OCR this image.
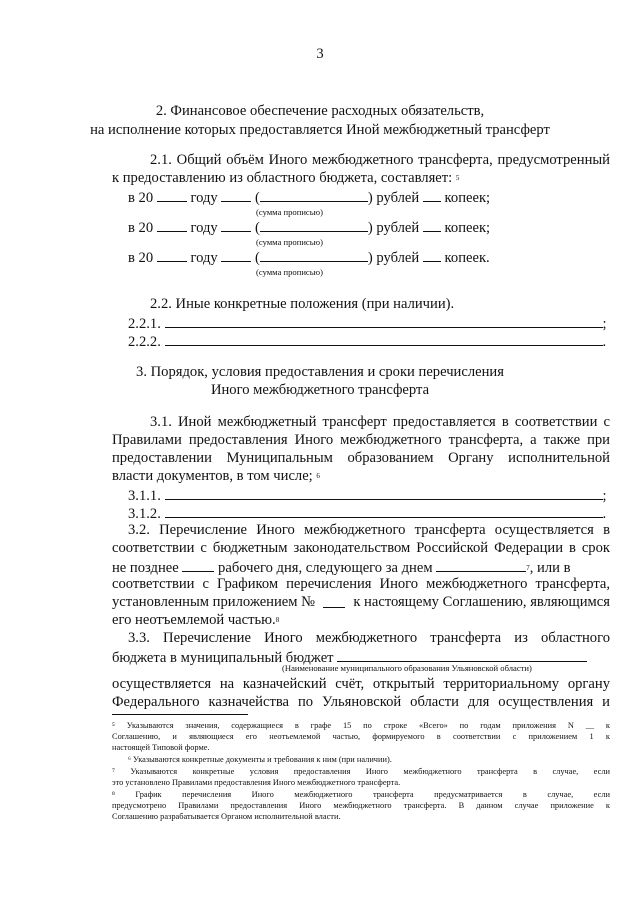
3
2. Финансовое обеспечение расходных обязательств,
на исполнение которых предоставляется Иной межбюджетный трансферт
2.1. Общий объём Иного межбюджетного трансферта, предусмотренный
к предоставлению из областного бюджета, составляет: $^5$
в 20	году	(	) рублей копеек;
(сумма прописью)
в 20	году	(	) рублей копеек;
(сумма прописью)
в 20	году	(	) рублей копеек.
(сумма прописью)
2.2. Иные конкретные положения (при наличии).
2.2.1.	;
2.2.2.	.
3. Порядок, условия предоставления и сроки перечисления
Иного межбюджетного трансферта
3.1. Иной межбюджетный трансферт предоставляется в соответствии с
Правилами предоставления Иного межбюджетного трансферта, а также при
предоставлении Муниципальным образованием Органу исполнительной
власти документов, в том числе; $^6$
3.1.1.	;
3.1.2.	.
3.2. Перечисление Иного межбюджетного трансферта осуществляется в
соответствии с бюджетным законодательством Российской Федерации в срок
не позднее	рабочего дня, следующего за днем	$^7$, или в
соответствии с Графиком перечисления Иного межбюджетного трансферта,
установленным приложением №	к настоящему Соглашению, являющимся
его неотъемлемой частью.$^8$
3.3. Перечисление Иного межбюджетного трансферта из областного
бюджета в муниципальный бюджет
(Наименование муниципального образования Ульяновской области)
осуществляется на казначейский счёт, открытый территориальному органу
Федерального казначейства по Ульяновской области для осуществления и
⁵ Указываются значения, содержащиеся в графе 15 по строке «Всего» по годам приложения N __ к
Соглашению, и являющиеся его неотъемлемой частью, формируемого в соответствии с приложением 1 к
настоящей Типовой форме.
⁶ Указываются конкретные документы и требования к ним (при наличии).
⁷ Указываются конкретные условия предоставления Иного межбюджетного трансферта в случае, если
это установлено Правилами предоставления Иного межбюджетного трансферта.
⁸ График перечисления Иного межбюджетного трансферта предусматривается в случае, если
предусмотрено Правилами предоставления Иного межбюджетного трансферта. В данном случае приложение к
Соглашению разрабатывается Органом исполнительной власти.
